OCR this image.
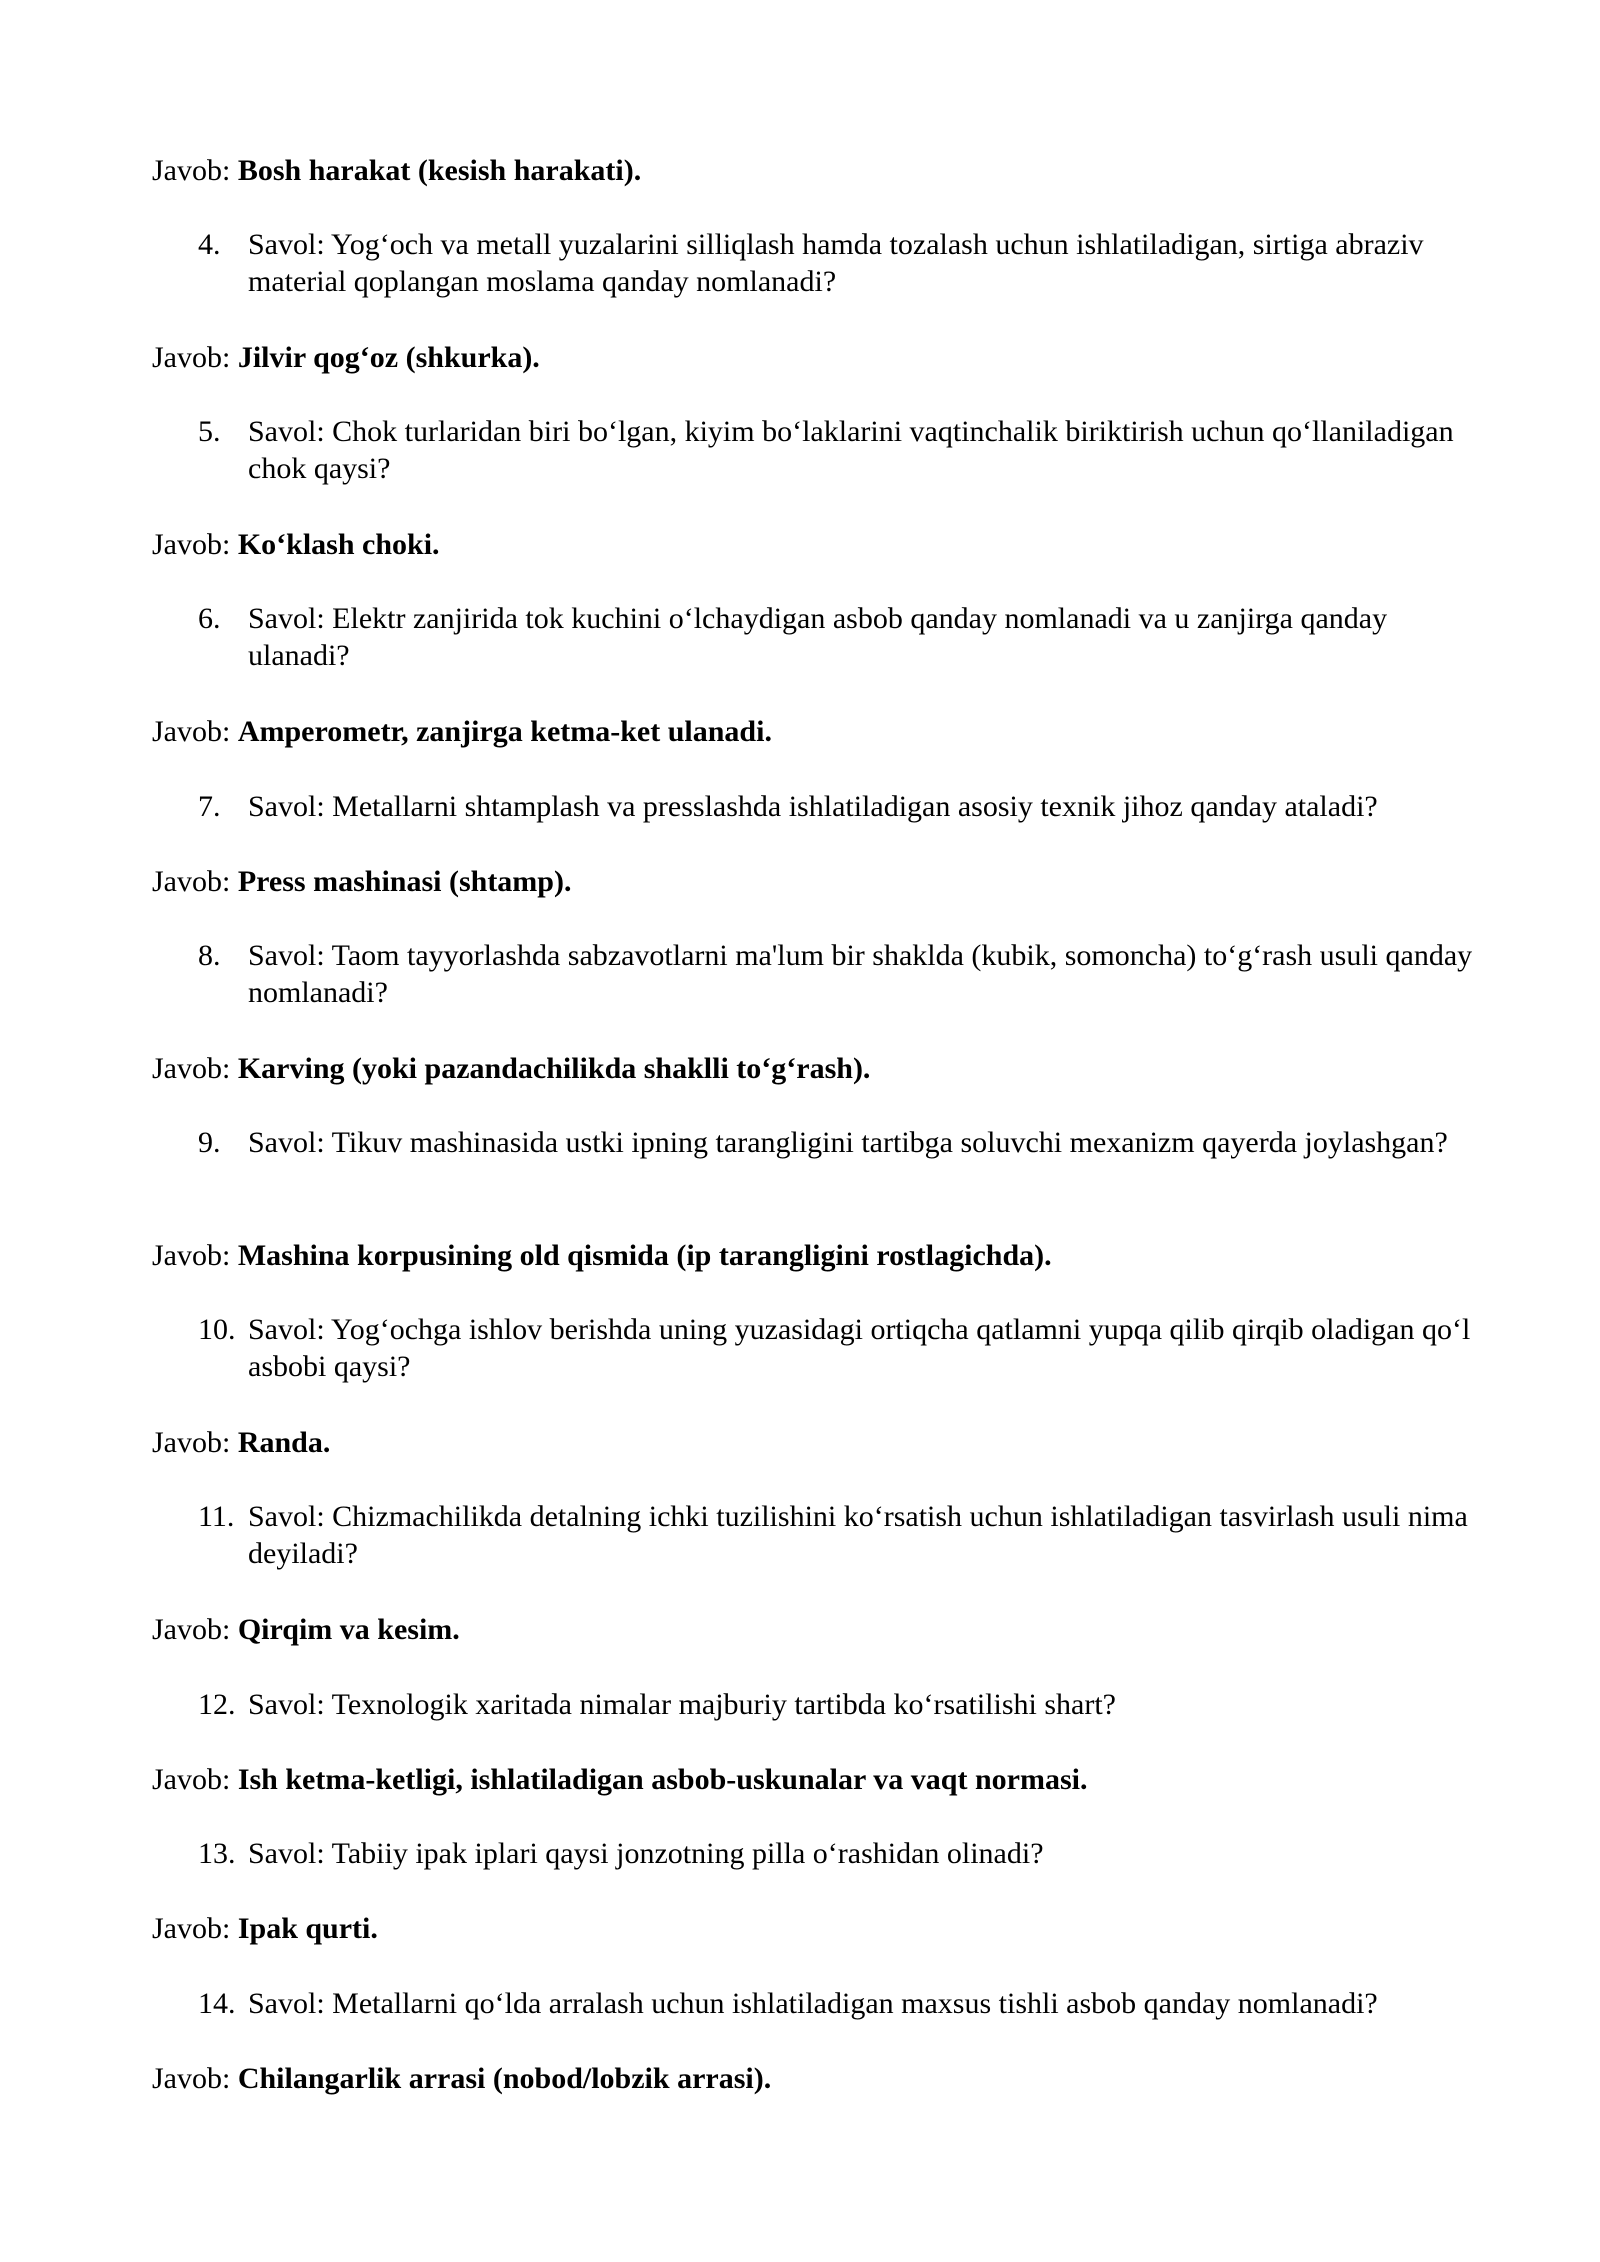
Javob: Bosh harakat (kesish harakati).
4. Savol: Yog‘och va metall yuzalarini silliqlash hamda tozalash uchun ishlatiladigan, sirtiga abraziv material qoplangan moslama qanday nomlanadi?
Javob: Jilvir qog‘oz (shkurka).
5. Savol: Chok turlaridan biri bo‘lgan, kiyim bo‘laklarini vaqtinchalik biriktirish uchun qo‘llaniladigan chok qaysi?
Javob: Ko‘klash choki.
6. Savol: Elektr zanjirida tok kuchini o‘lchaydigan asbob qanday nomlanadi va u zanjirga qanday ulanadi?
Javob: Amperometr, zanjirga ketma-ket ulanadi.
7. Savol: Metallarni shtamplash va presslashda ishlatiladigan asosiy texnik jihoz qanday ataladi?
Javob: Press mashinasi (shtamp).
8. Savol: Taom tayyorlashda sabzavotlarni ma'lum bir shaklda (kubik, somoncha) to‘g‘rash usuli qanday nomlanadi?
Javob: Karving (yoki pazandachilikda shaklli to‘g‘rash).
9. Savol: Tikuv mashinasida ustki ipning tarangligini tartibga soluvchi mexanizm qayerda joylashgan?
Javob: Mashina korpusining old qismida (ip tarangligini rostlagichda).
10. Savol: Yog‘ochga ishlov berishda uning yuzasidagi ortiqcha qatlamni yupqa qilib qirqib oladigan qo‘l asbobi qaysi?
Javob: Randa.
11. Savol: Chizmachilikda detalning ichki tuzilishini ko‘rsatish uchun ishlatiladigan tasvirlash usuli nima deyiladi?
Javob: Qirqim va kesim.
12. Savol: Texnologik xaritada nimalar majburiy tartibda ko‘rsatilishi shart?
Javob: Ish ketma-ketligi, ishlatiladigan asbob-uskunalar va vaqt normasi.
13. Savol: Tabiiy ipak iplari qaysi jonzotning pilla o‘rashidan olinadi?
Javob: Ipak qurti.
14. Savol: Metallarni qo‘lda arralash uchun ishlatiladigan maxsus tishli asbob qanday nomlanadi?
Javob: Chilangarlik arrasi (nobod/lobzik arrasi).
